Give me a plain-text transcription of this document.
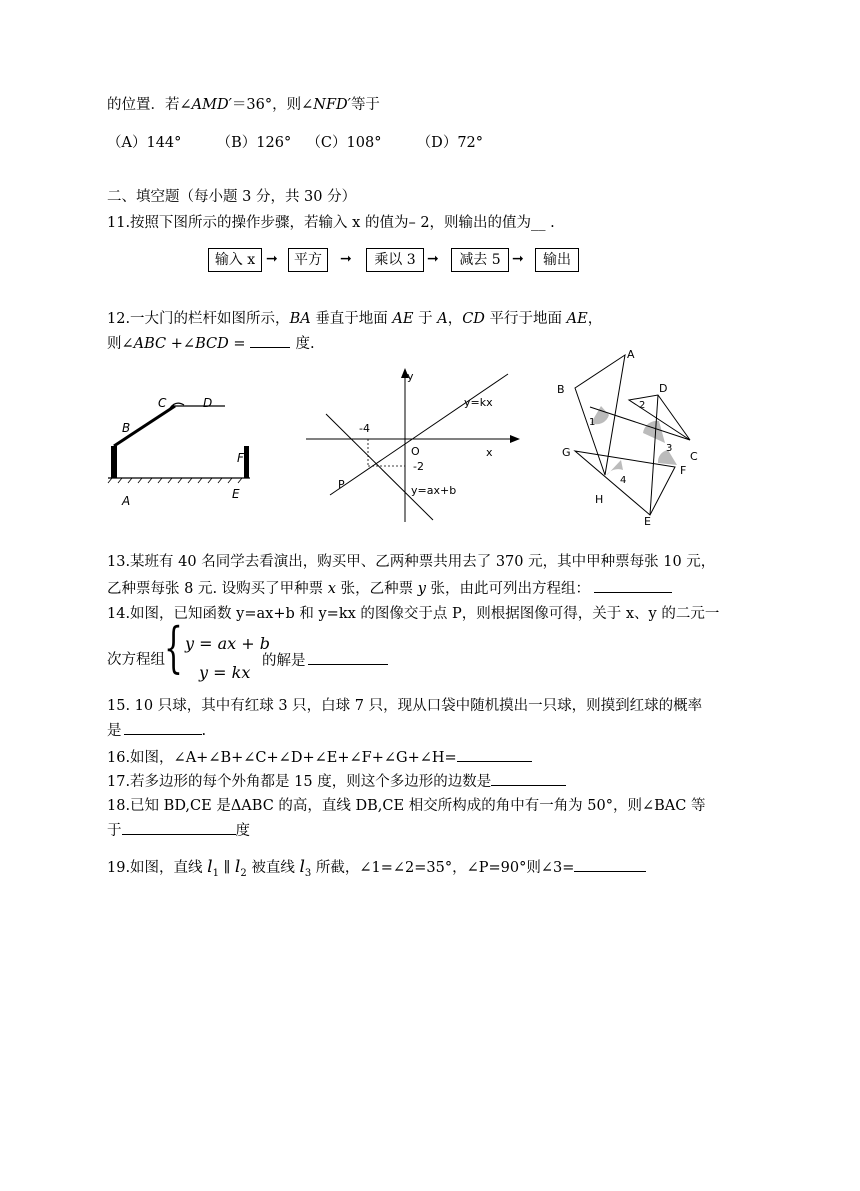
的位置．若∠AMD′＝36°，则∠NFD′等于
（A）144° （B）126° （C）108° （D）72°
二、填空题（每小题 3 分，共 30 分）
11.按照下图所示的操作步骤，若输入 x 的值为– 2，则输出的值为__ .
输入 x ➞	平方	➞	乘以 3 ➞	减去 5 ➞	输出
12.一大门的栏杆如图所示，BA 垂直于地面 AE 于 A，CD 平行于地面 AE，
则∠ABC +∠BCD =	度.
C	D
B
F
A	E
y
y=kx
-4
O	x
-2
P	y=ax+b
A
B	D
2
1
3
C
G
F
4
H
E
13.某班有 40 名同学去看演出，购买甲、乙两种票共用去了 370 元，其中甲种票每张 10 元，
乙种票每张 8 元. 设购买了甲种票 x 张，乙种票 y 张，由此可列出方程组：
14.如图，已知函数 y=ax+b 和 y=kx 的图像交于点 P，则根据图像可得，关于 x、y 的二元一
次方程组 { y = ax + b
y = kx
的解是
15. 10 只球，其中有红球 3 只，白球 7 只，现从口袋中随机摸出一只球，则摸到红球的概率
是	.
16.如图，∠A+∠B+∠C+∠D+∠E+∠F+∠G+∠H=
17.若多边形的每个外角都是 15 度，则这个多边形的边数是
18.已知 BD,CE 是ΔABC 的高，直线 DB,CE 相交所构成的角中有一角为 50°，则∠BAC 等
于	度
19.如图，直线 $l_1$ ∥ $l_2$ 被直线 $l_3$ 所截，∠1=∠2=35°，∠P=90°则∠3=
